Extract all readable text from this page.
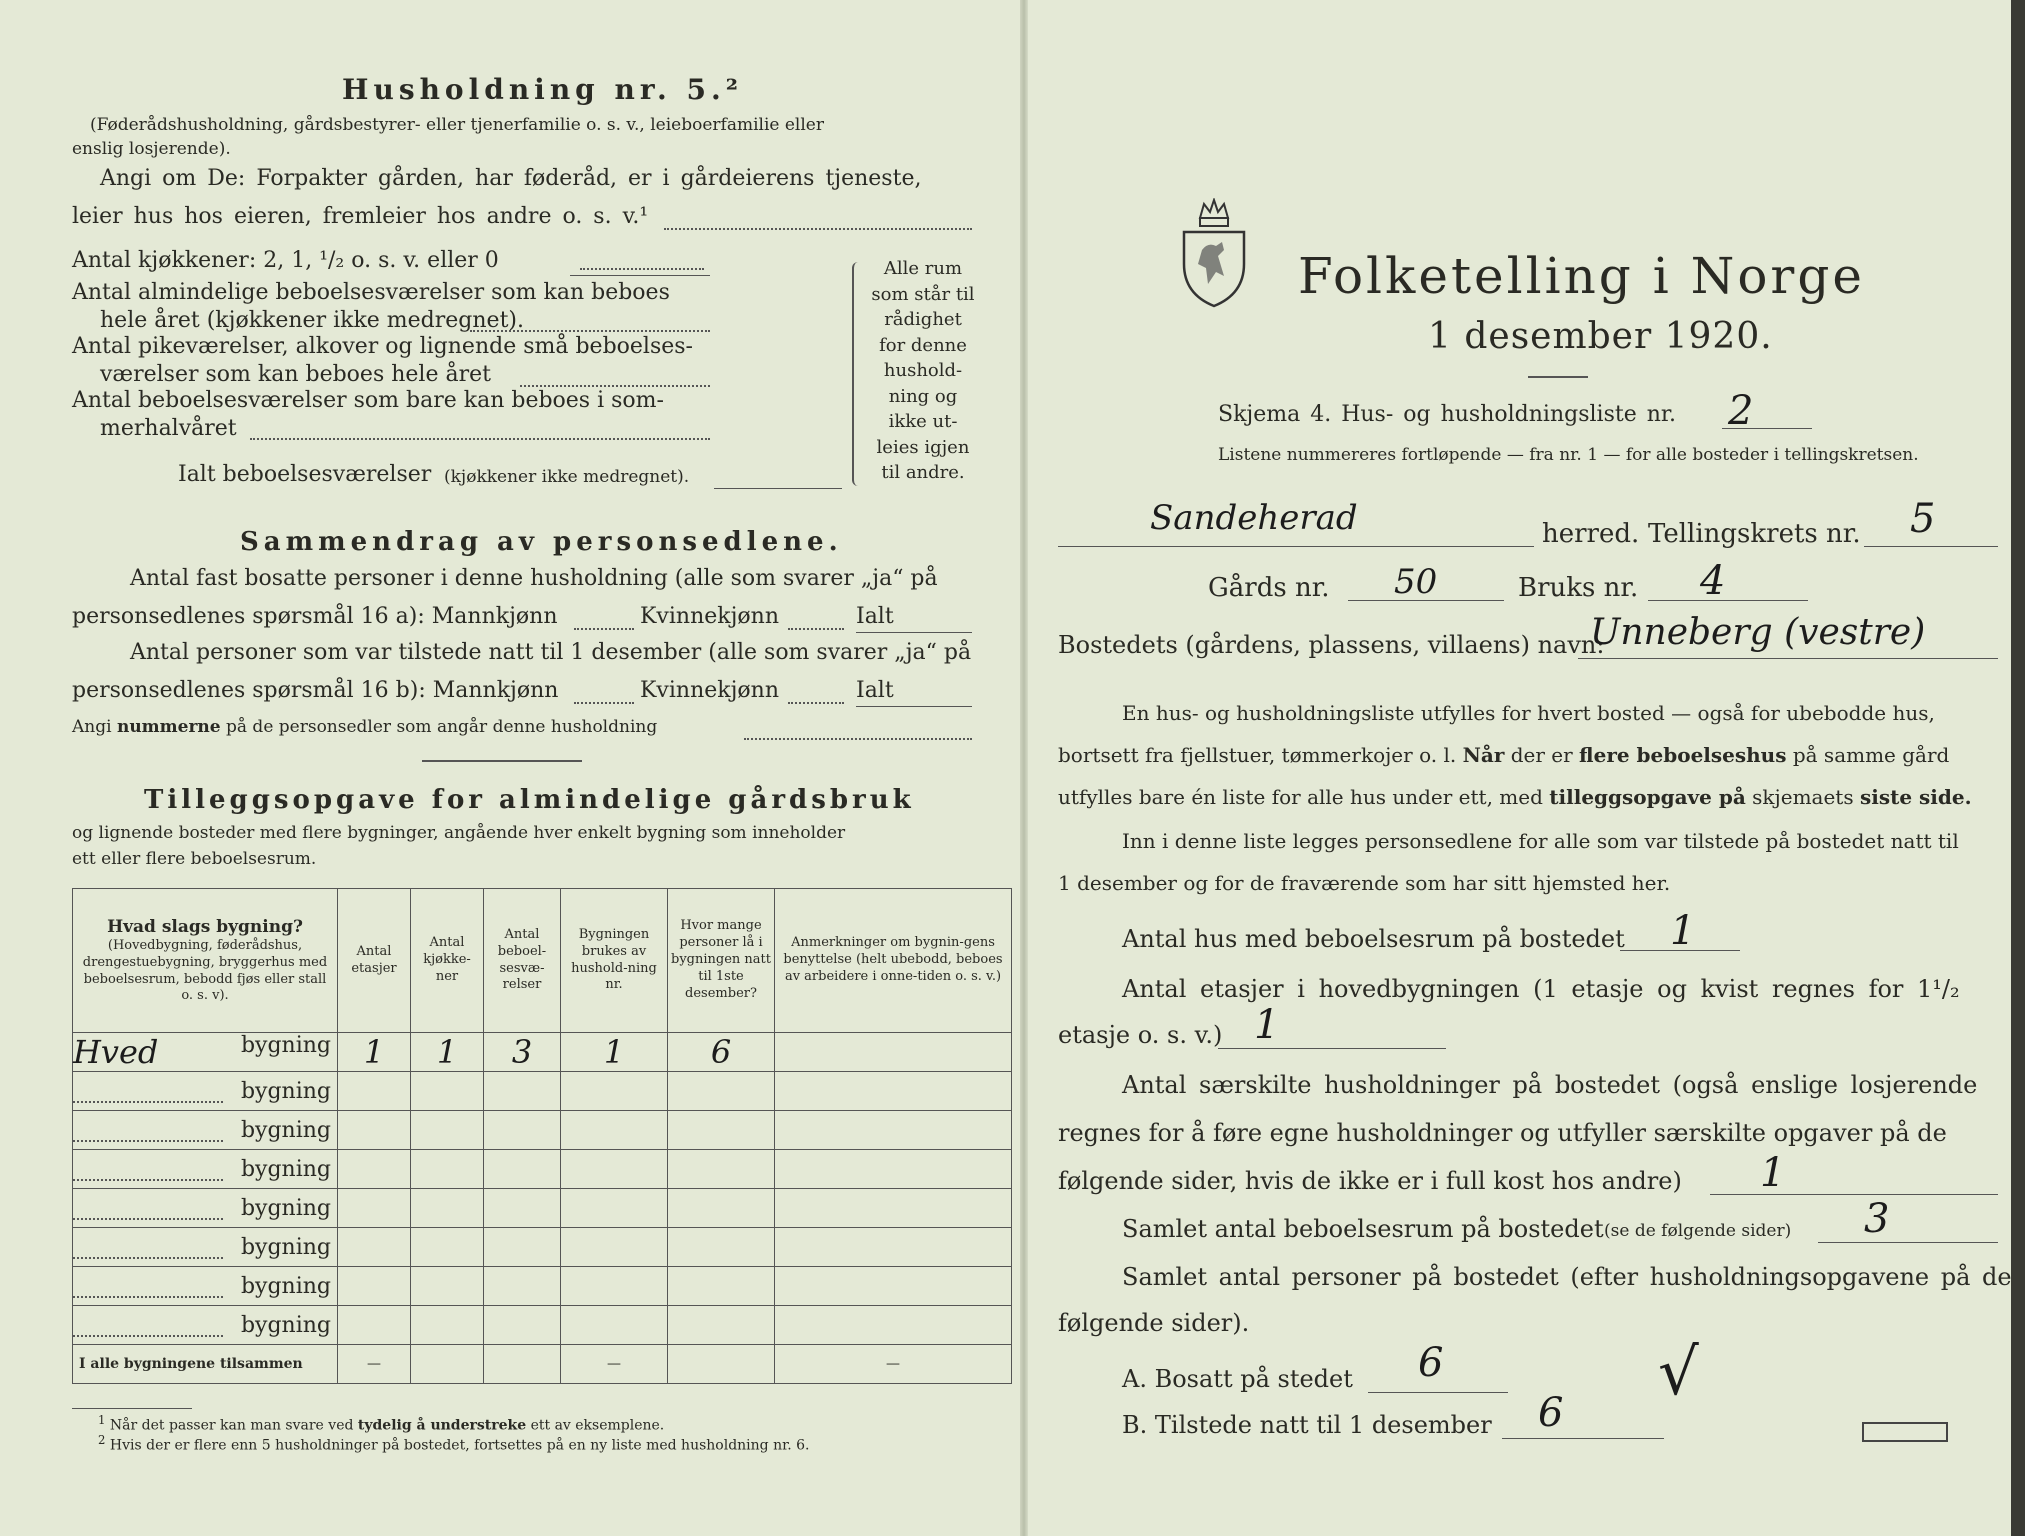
Husholdning nr. 5.²
(Føderådshusholdning, gårdsbestyrer- eller tjenerfamilie o. s. v., leieboerfamilie eller
enslig losjerende).
Angi om De: Forpakter gården, har føderåd, er i gårdeierens tjeneste,
leier hus hos eieren, fremleier hos andre o. s. v.¹
Antal kjøkkener: 2, 1, ¹/₂ o. s. v. eller 0
Antal almindelige beboelsesværelser som kan beboes
hele året (kjøkkener ikke medregnet).
Antal pikeværelser, alkover og lignende små beboelses-
værelser som kan beboes hele året
Antal beboelsesværelser som bare kan beboes i som-
merhalvåret
Ialt beboelsesværelser (kjøkkener ikke medregnet).
Alle rum
som står til
rådighet
for denne
hushold-
ning og
ikke ut-
leies igjen
til andre.
Sammendrag av personsedlene.
Antal fast bosatte personer i denne husholdning (alle som svarer „ja“ på
personsedlenes spørsmål 16 a): Mannkjønn	Kvinnekjønn	Ialt
Antal personer som var tilstede natt til 1 desember (alle som svarer „ja“ på
personsedlenes spørsmål 16 b): Mannkjønn	Kvinnekjønn	Ialt
Angi nummerne på de personsedler som angår denne husholdning
Tilleggsopgave for almindelige gårdsbruk
og lignende bosteder med flere bygninger, angående hver enkelt bygning som inneholder
ett eller flere beboelsesrum.
Hvad slags bygning?
(Hovedbygning, føderådshus, drengestuebygning, bryggerhus med beboelsesrum, bebodd fjøs eller stall o. s. v).	Antal etasjer	Antal kjøkke-ner	Antal beboel-sesvæ-relser	Bygningen brukes av hushold-ning nr.	Hvor mange personer lå i bygningen natt til 1ste desember?	Anmerkninger om bygnin-gens benyttelse (helt ubebodd, beboes av arbeidere i onne-tiden o. s. v.)

Hved bygning	1	1	3	1	6	

bygning						

bygning						

bygning						

bygning						

bygning						

bygning						

bygning						
I alle bygningene tilsammen	—			—		—
$^1$ Når det passer kan man svare ved tydelig å understreke ett av eksemplene.
$^2$ Hvis der er flere enn 5 husholdninger på bostedet, fortsettes på en ny liste med husholdning nr. 6.
Folketelling i Norge
1 desember 1920.
Skjema 4. Hus- og husholdningsliste nr. 2
Listene nummereres fortløpende — fra nr. 1 — for alle bosteder i tellingskretsen.
Sandeherad	herred. Tellingskrets nr. 5
Gårds nr. 50	Bruks nr. 4
Bostedets (gårdens, plassens, villaens) navn:
Unneberg (vestre)
En hus- og husholdningsliste utfylles for hvert bosted — også for ubebodde hus,
bortsett fra fjellstuer, tømmerkojer o. l. Når der er flere beboelseshus på samme gård
utfylles bare én liste for alle hus under ett, med tilleggsopgave på skjemaets siste side.
Inn i denne liste legges personsedlene for alle som var tilstede på bostedet natt til
1 desember og for de fraværende som har sitt hjemsted her.
Antal hus med beboelsesrum på bostedet 1
Antal etasjer i hovedbygningen (1 etasje og kvist regnes for 1¹/₂
etasje o. s. v.) 1
Antal særskilte husholdninger på bostedet (også enslige losjerende
regnes for å føre egne husholdninger og utfyller særskilte opgaver på de
følgende sider, hvis de ikke er i full kost hos andre) 1
Samlet antal beboelsesrum på bostedet (se de følgende sider) 3
Samlet antal personer på bostedet (efter husholdningsopgavene på de
følgende sider).
A. Bosatt på stedet 6
B. Tilstede natt til 1 desember 6
√
